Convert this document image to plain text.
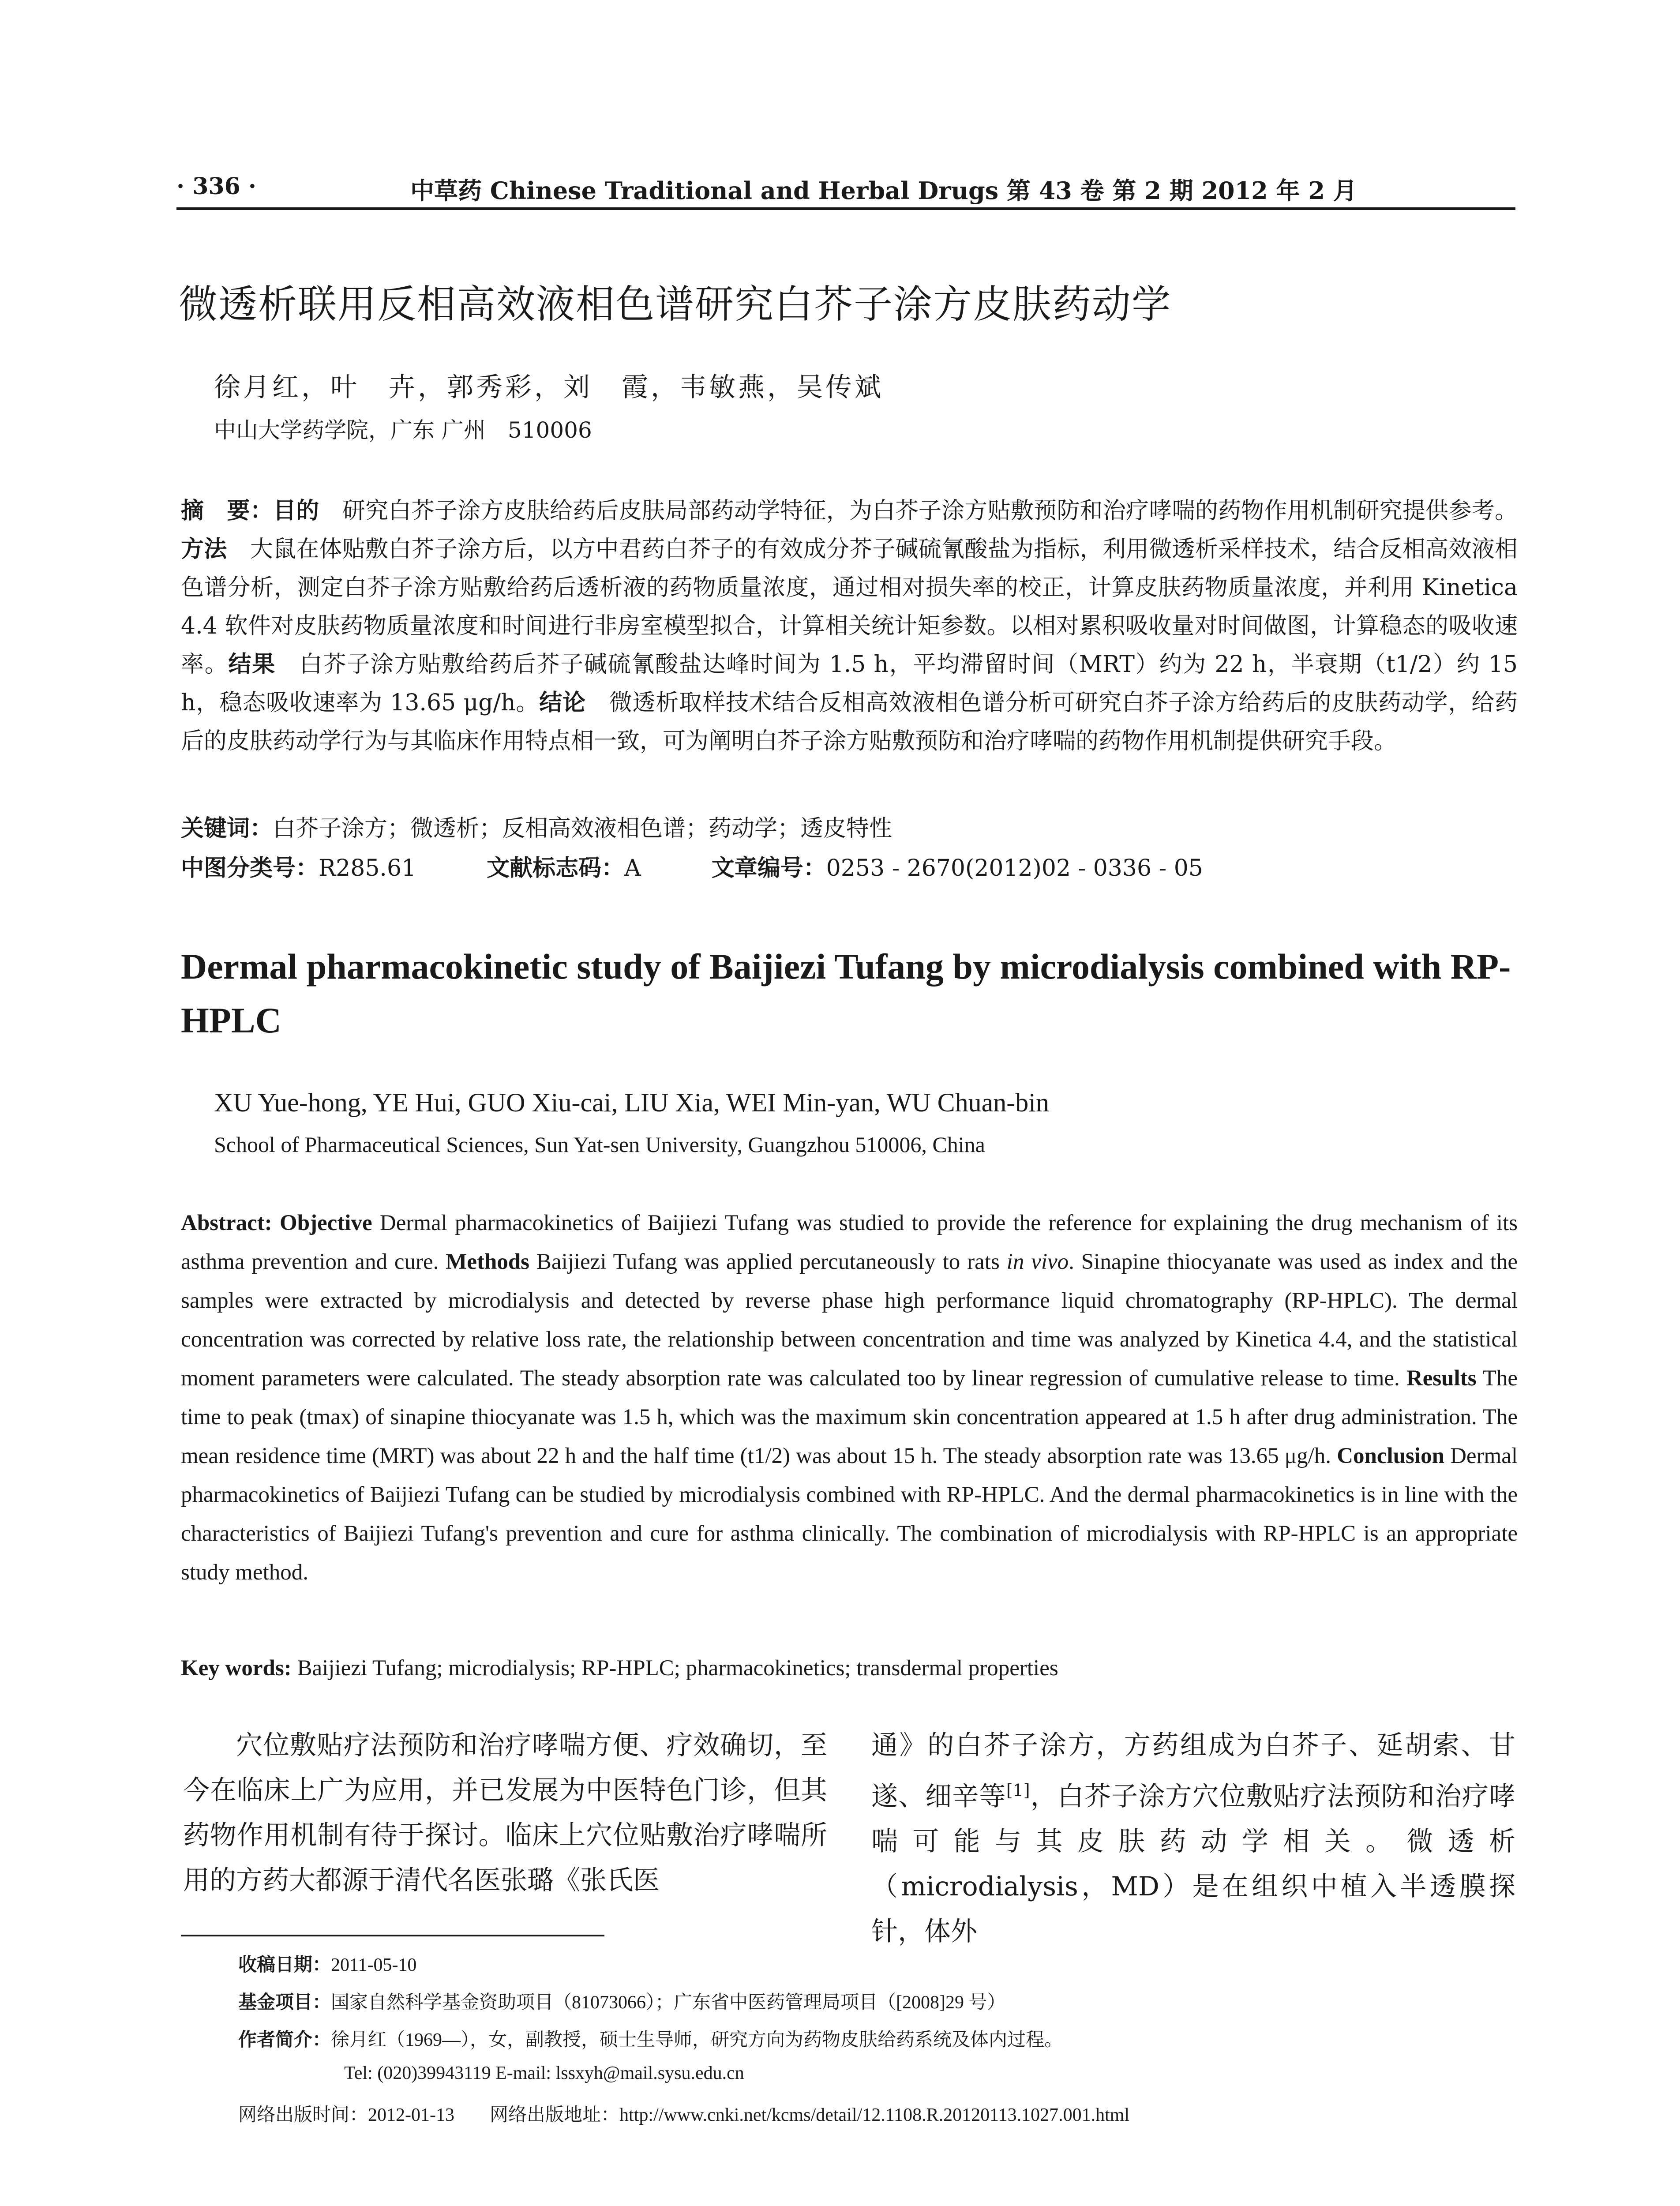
· 336 ·	中草药 Chinese Traditional and Herbal Drugs 第 43 卷 第 2 期 2012 年 2 月
微透析联用反相高效液相色谱研究白芥子涂方皮肤药动学
徐月红，叶　卉，郭秀彩，刘　霞，韦敏燕，吴传斌
中山大学药学院，广东 广州　510006
摘　要：目的　研究白芥子涂方皮肤给药后皮肤局部药动学特征，为白芥子涂方贴敷预防和治疗哮喘的药物作用机制研究提供参考。方法　大鼠在体贴敷白芥子涂方后，以方中君药白芥子的有效成分芥子碱硫氰酸盐为指标，利用微透析采样技术，结合反相高效液相色谱分析，测定白芥子涂方贴敷给药后透析液的药物质量浓度，通过相对损失率的校正，计算皮肤药物质量浓度，并利用 Kinetica 4.4 软件对皮肤药物质量浓度和时间进行非房室模型拟合，计算相关统计矩参数。以相对累积吸收量对时间做图，计算稳态的吸收速率。结果　白芥子涂方贴敷给药后芥子碱硫氰酸盐达峰时间为 1.5 h，平均滞留时间（MRT）约为 22 h，半衰期（t1/2）约 15 h，稳态吸收速率为 13.65 μg/h。结论　微透析取样技术结合反相高效液相色谱分析可研究白芥子涂方给药后的皮肤药动学，给药后的皮肤药动学行为与其临床作用特点相一致，可为阐明白芥子涂方贴敷预防和治疗哮喘的药物作用机制提供研究手段。
关键词：白芥子涂方；微透析；反相高效液相色谱；药动学；透皮特性
中图分类号：R285.61	文献标志码：A	文章编号：0253 - 2670(2012)02 - 0336 - 05
Dermal pharmacokinetic study of Baijiezi Tufang by microdialysis combined with RP-HPLC
XU Yue-hong, YE Hui, GUO Xiu-cai, LIU Xia, WEI Min-yan, WU Chuan-bin
School of Pharmaceutical Sciences, Sun Yat-sen University, Guangzhou 510006, China
Abstract: Objective Dermal pharmacokinetics of Baijiezi Tufang was studied to provide the reference for explaining the drug mechanism of its asthma prevention and cure. Methods Baijiezi Tufang was applied percutaneously to rats in vivo. Sinapine thiocyanate was used as index and the samples were extracted by microdialysis and detected by reverse phase high performance liquid chromatography (RP-HPLC). The dermal concentration was corrected by relative loss rate, the relationship between concentration and time was analyzed by Kinetica 4.4, and the statistical moment parameters were calculated. The steady absorption rate was calculated too by linear regression of cumulative release to time. Results The time to peak (tmax) of sinapine thiocyanate was 1.5 h, which was the maximum skin concentration appeared at 1.5 h after drug administration. The mean residence time (MRT) was about 22 h and the half time (t1/2) was about 15 h. The steady absorption rate was 13.65 μg/h. Conclusion Dermal pharmacokinetics of Baijiezi Tufang can be studied by microdialysis combined with RP-HPLC. And the dermal pharmacokinetics is in line with the characteristics of Baijiezi Tufang's prevention and cure for asthma clinically. The combination of microdialysis with RP-HPLC is an appropriate study method.
Key words: Baijiezi Tufang; microdialysis; RP-HPLC; pharmacokinetics; transdermal properties
穴位敷贴疗法预防和治疗哮喘方便、疗效确切，至今在临床上广为应用，并已发展为中医特色门诊，但其药物作用机制有待于探讨。临床上穴位贴敷治疗哮喘所用的方药大都源于清代名医张璐《张氏医
通》的白芥子涂方，方药组成为白芥子、延胡索、甘遂、细辛等[1]，白芥子涂方穴位敷贴疗法预防和治疗哮喘可能与其皮肤药动学相关。微透析（microdialysis，MD）是在组织中植入半透膜探针，体外
收稿日期：2011-05-10
基金项目：国家自然科学基金资助项目（81073066）；广东省中医药管理局项目（[2008]29 号）
作者简介：徐月红（1969—），女，副教授，硕士生导师，研究方向为药物皮肤给药系统及体内过程。
Tel: (020)39943119 E-mail: lssxyh@mail.sysu.edu.cn
网络出版时间：2012-01-13 网络出版地址：http://www.cnki.net/kcms/detail/12.1108.R.20120113.1027.001.html
